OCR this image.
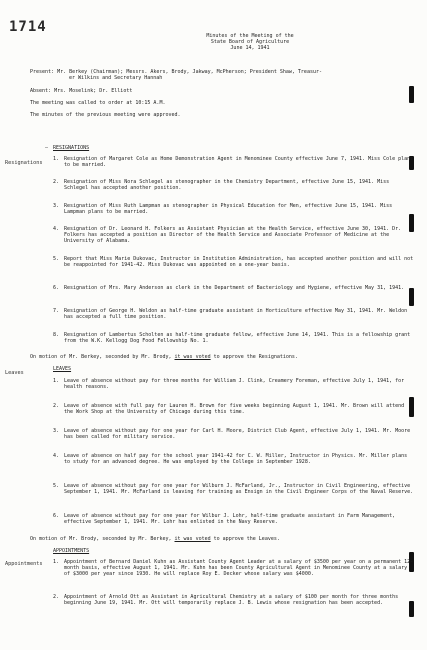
1714
Minutes of the Meeting of the
State Board of Agriculture
June 14, 1941
Present: Mr. Berkey (Chairman); Messrs. Akers, Brody, Jakway, McPherson; President Shaw, Treasur-
er Wilkins and Secretary Hannah
Absent: Mrs. Moselink; Dr. Elliott
The meeting was called to order at 10:15 A.M.
The minutes of the previous meeting were approved.
Resignations
– RESIGNATIONS
1. Resignation of Margaret Cole as Home Demonstration Agent in Menominee County effective June 7, 1941. Miss Cole plans to be married.
2. Resignation of Miss Nora Schlegel as stenographer in the Chemistry Department, effective June 15, 1941. Miss Schlegel has accepted another position.
3. Resignation of Miss Ruth Lampman as stenographer in Physical Education for Men, effective June 15, 1941. Miss Lampman plans to be married.
4. Resignation of Dr. Leonard H. Folkers as Assistant Physician at the Health Service, effective June 30, 1941. Dr. Folkers has accepted a position as Director of the Health Service and Associate Professor of Medicine at the University of Alabama.
5. Report that Miss Marie Dukovac, Instructor in Institution Administration, has accepted another position and will not be reappointed for 1941-42. Miss Dukovac was appointed on a one-year basis.
6. Resignation of Mrs. Mary Anderson as clerk in the Department of Bacteriology and Hygiene, effective May 31, 1941.
7. Resignation of George H. Weldon as half-time graduate assistant in Horticulture effective May 31, 1941. Mr. Weldon has accepted a full time position.
8. Resignation of Lambertus Scholten as half-time graduate fellow, effective June 14, 1941. This is a fellowship grant from the W.K. Kellogg Dog Food Fellowship No. 1.
On motion of Mr. Berkey, seconded by Mr. Brody, it was voted to approve the Resignations.
Leaves
LEAVES
1. Leave of absence without pay for three months for William J. Clink, Creamery Foreman, effective July 1, 1941, for health reasons.
2. Leave of absence with full pay for Lauren H. Brown for five weeks beginning August 1, 1941. Mr. Brown will attend the Work Shop at the University of Chicago during this time.
3. Leave of absence without pay for one year for Carl H. Moore, District Club Agent, effective July 1, 1941. Mr. Moore has been called for military service.
4. Leave of absence on half pay for the school year 1941-42 for C. W. Miller, Instructor in Physics. Mr. Miller plans to study for an advanced degree. He was employed by the College in September 1928.
5. Leave of absence without pay for one year for Wilburn J. McFarland, Jr., Instructor in Civil Engineering, effective September 1, 1941. Mr. McFarland is leaving for training as Ensign in the Civil Engineer Corps of the Naval Reserve.
6. Leave of absence without pay for one year for Wilbur J. Lohr, half-time graduate assistant in Farm Management, effective September 1, 1941. Mr. Lohr has enlisted in the Navy Reserve.
On motion of Mr. Brody, seconded by Mr. Berkey, it was voted to approve the Leaves.
APPOINTMENTS
Appointments 1. Appointment of Bernard Daniel Kuhn as Assistant County Agent Leader at a salary of $3500 per year on a permanent 12-month basis, effective August 1, 1941. Mr. Kuhn has been County Agricultural Agent in Menominee County at a salary of $3000 per year since 1930. He will replace Roy E. Decker whose salary was $4000.
2. Appointment of Arnold Ott as Assistant in Agricultural Chemistry at a salary of $100 per month for three months beginning June 19, 1941. Mr. Ott will temporarily replace J. B. Lewis whose resignation has been accepted.
